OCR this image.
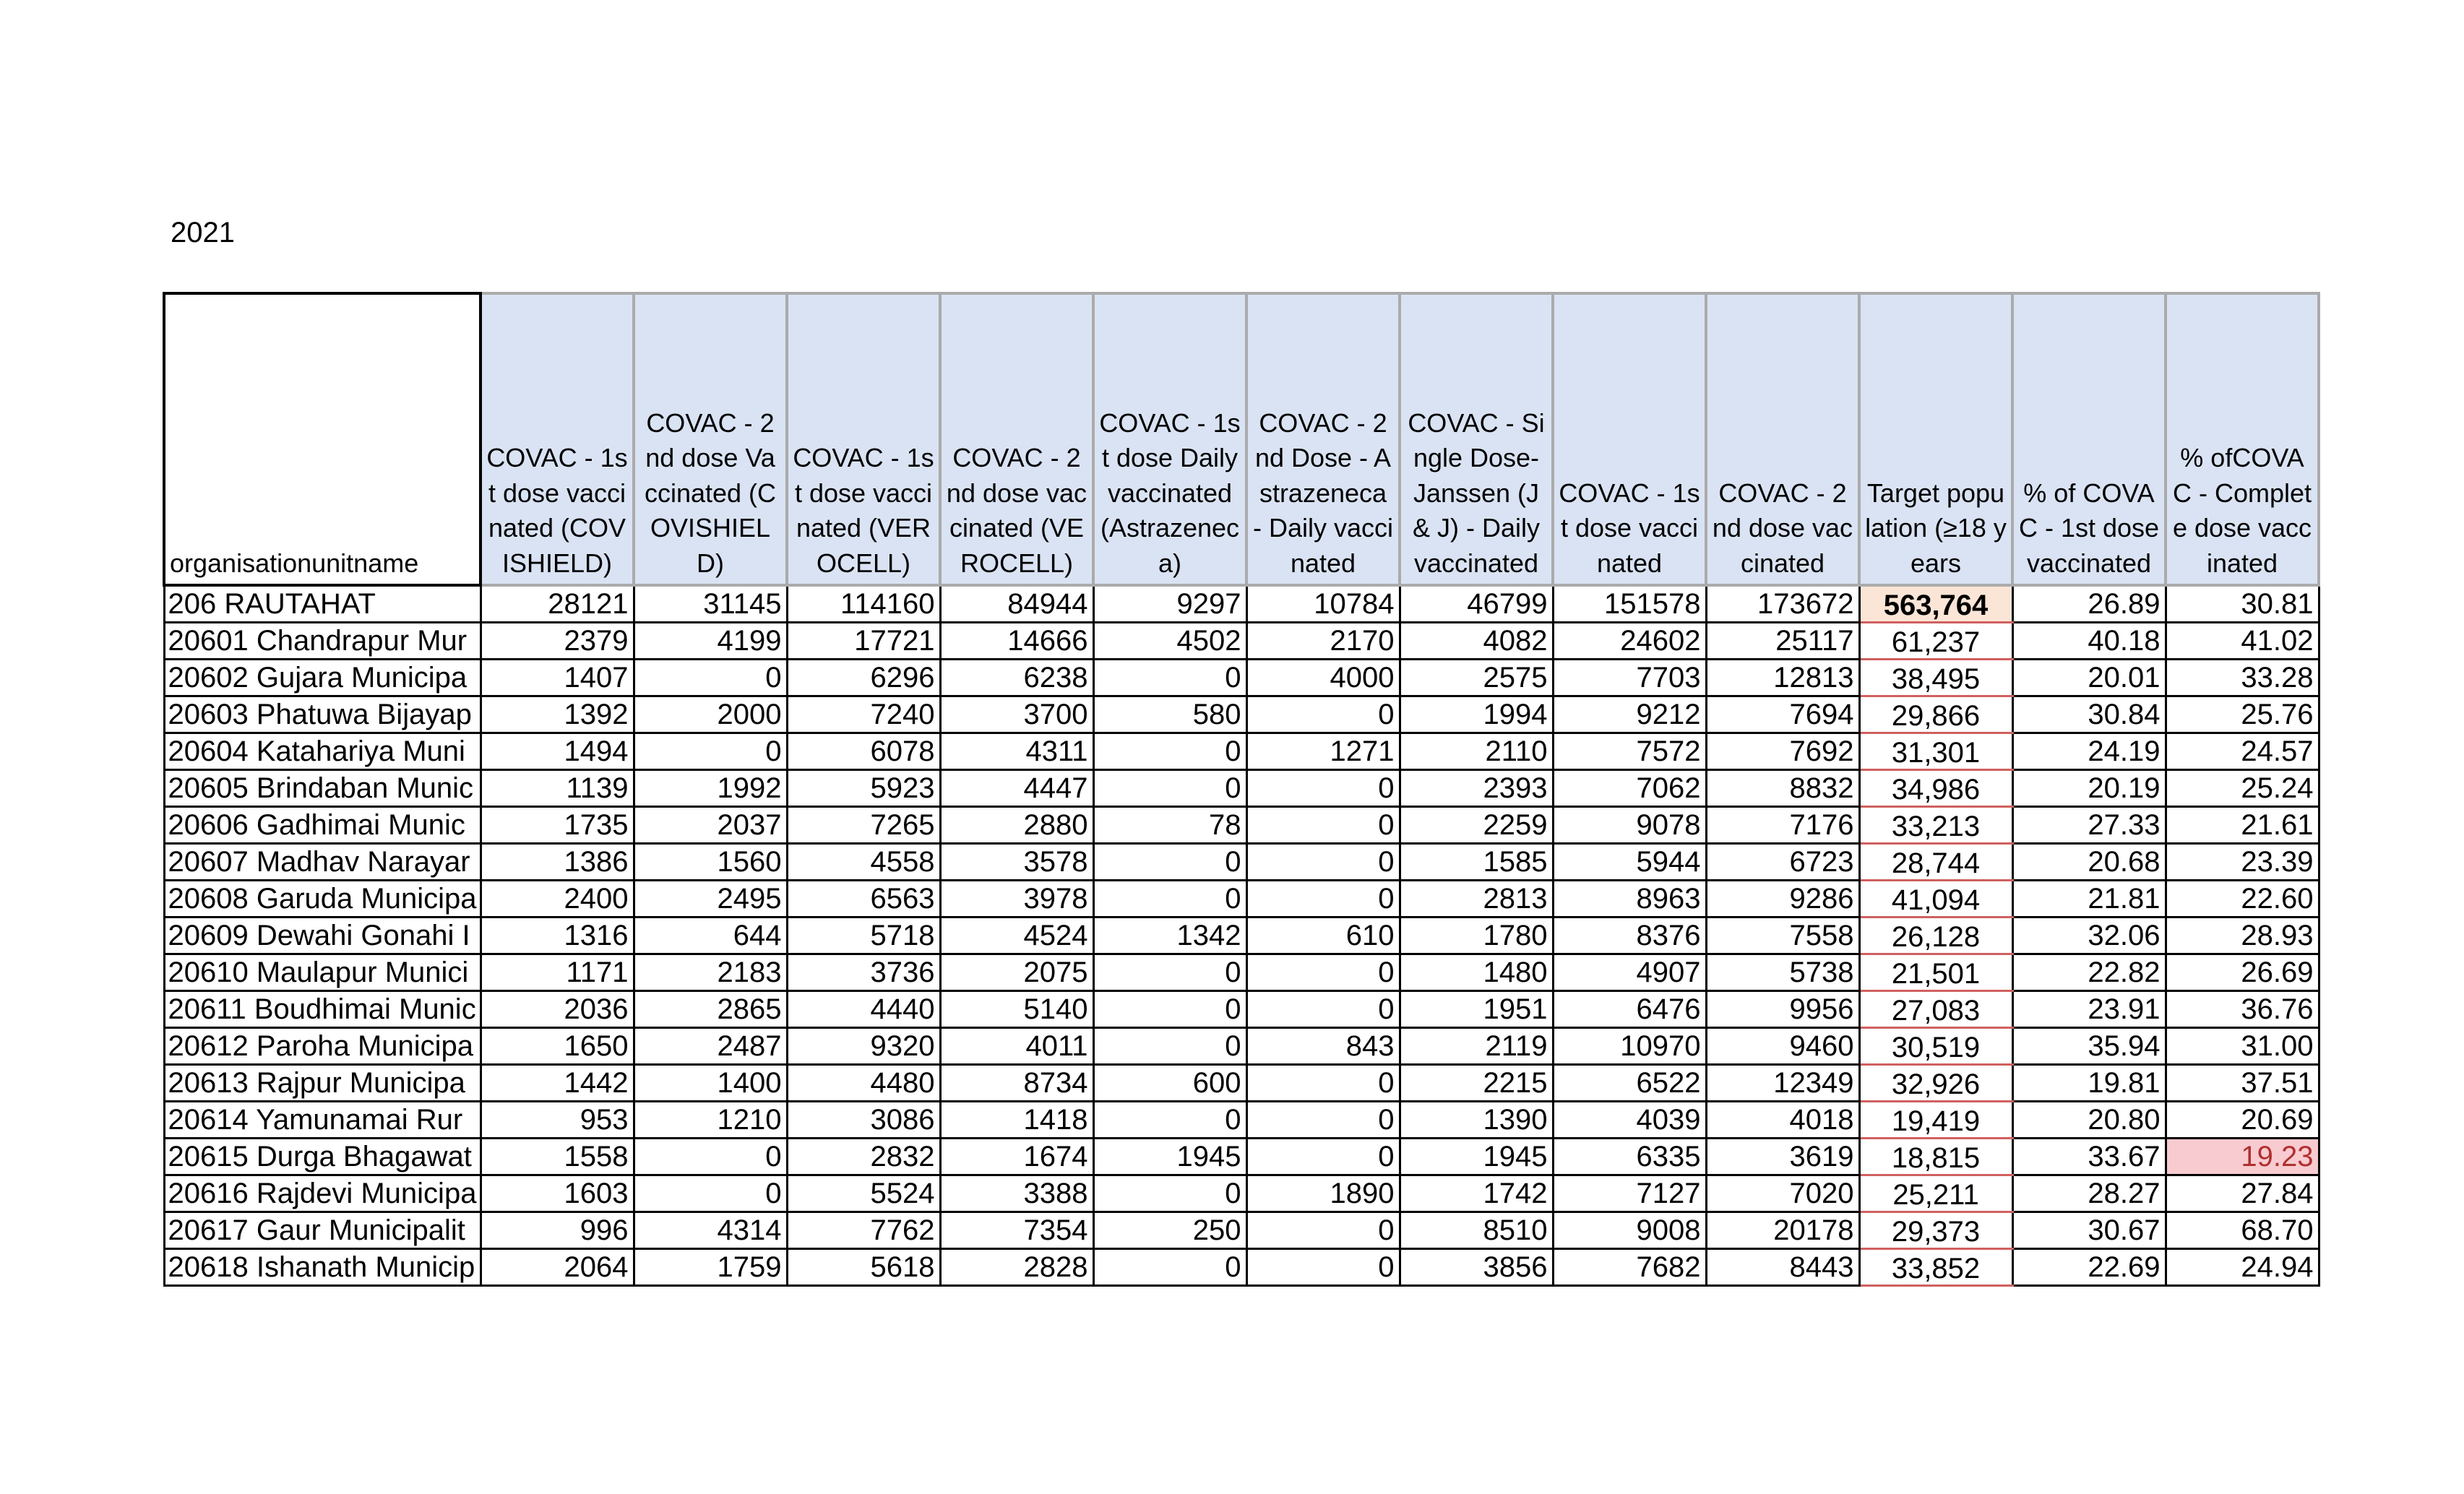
2021
organisationunitname	COVAC - 1st dose vaccinated (COVISHIELD)	COVAC - 2nd dose Vaccinated (COVISHIELD)	COVAC - 1st dose vaccinated (VEROCELL)	COVAC - 2nd dose vaccinated (VEROCELL)	COVAC - 1st dose Daily vaccinated (Astrazeneca)	COVAC - 2nd Dose - Astrazeneca - Daily vaccinated	COVAC - Single Dose- Janssen (J & J) - Daily vaccinated	COVAC - 1st dose vaccinated	COVAC - 2nd dose vaccinated	Target population (≥18 years	% of COVAC - 1st dose vaccinated	% ofCOVAC - Complete dose vaccinated
206 RAUTAHAT	28121	31145	114160	84944	9297	10784	46799	151578	173672	563,764	26.89	30.81
20601 Chandrapur Mur	2379	4199	17721	14666	4502	2170	4082	24602	25117	61,237	40.18	41.02
20602 Gujara Municipa	1407	0	6296	6238	0	4000	2575	7703	12813	38,495	20.01	33.28
20603 Phatuwa Bijayap	1392	2000	7240	3700	580	0	1994	9212	7694	29,866	30.84	25.76
20604 Katahariya Muni	1494	0	6078	4311	0	1271	2110	7572	7692	31,301	24.19	24.57
20605 Brindaban Munic	1139	1992	5923	4447	0	0	2393	7062	8832	34,986	20.19	25.24
20606 Gadhimai Munic	1735	2037	7265	2880	78	0	2259	9078	7176	33,213	27.33	21.61
20607 Madhav Narayar	1386	1560	4558	3578	0	0	1585	5944	6723	28,744	20.68	23.39
20608 Garuda Municipa	2400	2495	6563	3978	0	0	2813	8963	9286	41,094	21.81	22.60
20609 Dewahi Gonahi I	1316	644	5718	4524	1342	610	1780	8376	7558	26,128	32.06	28.93
20610 Maulapur Munici	1171	2183	3736	2075	0	0	1480	4907	5738	21,501	22.82	26.69
20611 Boudhimai Munic	2036	2865	4440	5140	0	0	1951	6476	9956	27,083	23.91	36.76
20612 Paroha Municipa	1650	2487	9320	4011	0	843	2119	10970	9460	30,519	35.94	31.00
20613 Rajpur Municipa	1442	1400	4480	8734	600	0	2215	6522	12349	32,926	19.81	37.51
20614 Yamunamai Rur	953	1210	3086	1418	0	0	1390	4039	4018	19,419	20.80	20.69
20615 Durga Bhagawat	1558	0	2832	1674	1945	0	1945	6335	3619	18,815	33.67	19.23
20616 Rajdevi Municipa	1603	0	5524	3388	0	1890	1742	7127	7020	25,211	28.27	27.84
20617 Gaur Municipalit	996	4314	7762	7354	250	0	8510	9008	20178	29,373	30.67	68.70
20618 Ishanath Municip	2064	1759	5618	2828	0	0	3856	7682	8443	33,852	22.69	24.94
